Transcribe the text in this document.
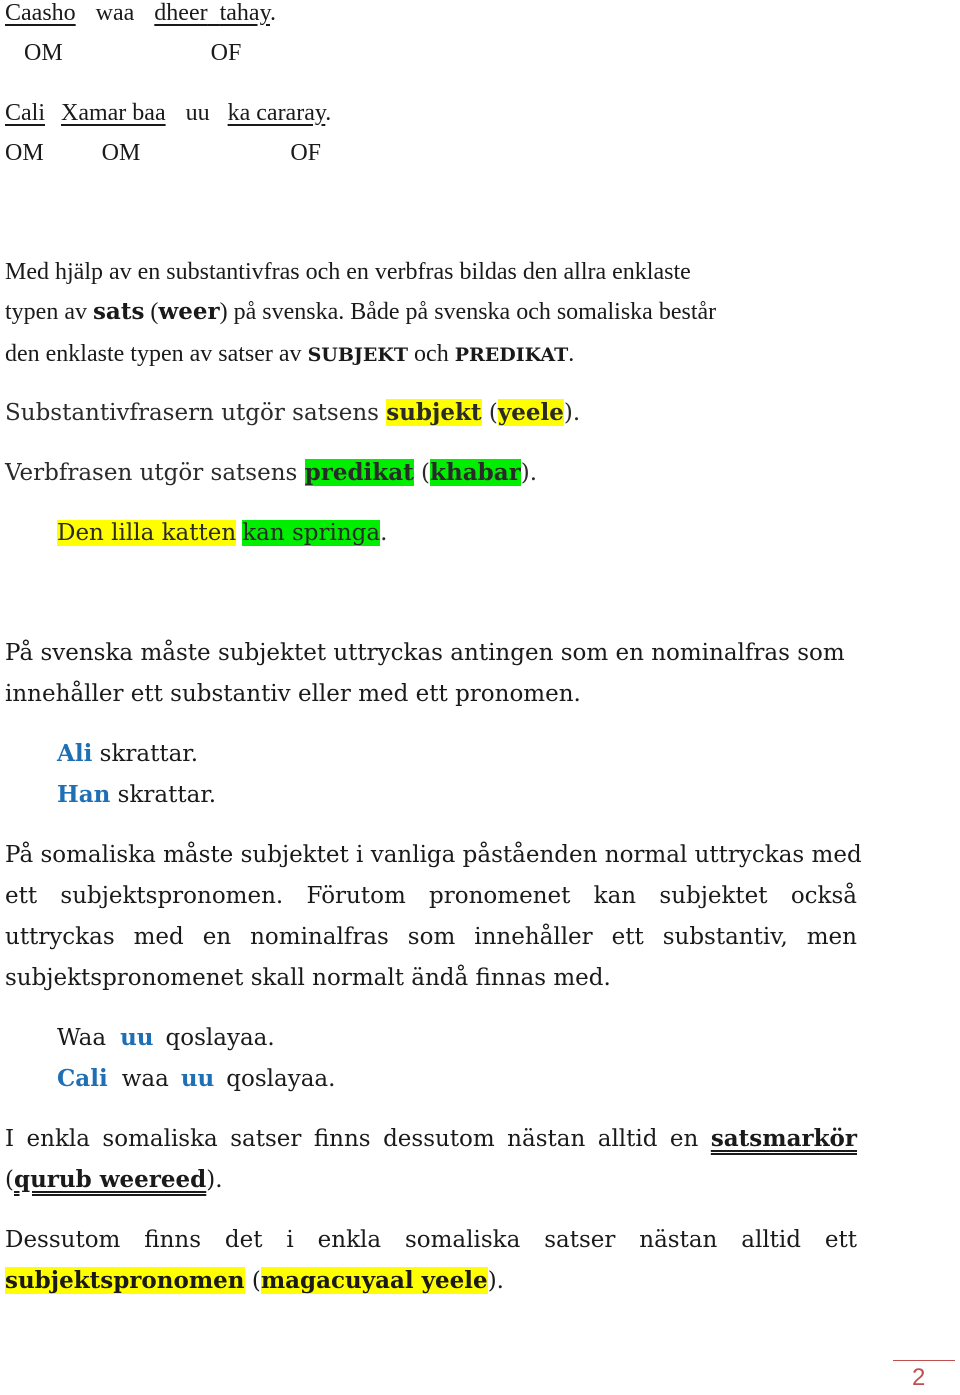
Caasho waa dheer tahay.
OM	OF
Cali Xamar baa uu ka cararay.
OM OM	OF
Med hjälp av en substantivfras och en verbfras bildas den allra enklaste
typen av sats (weer) på svenska. Både på svenska och somaliska består
den enklaste typen av satser av SUBJEKT och PREDIKAT.
Substantivfrasern utgör satsens subjekt (yeele).
Verbfrasen utgör satsens predikat (khabar).
Den lilla katten kan springa.
På svenska måste subjektet uttryckas antingen som en nominalfras som
innehåller ett substantiv eller med ett pronomen.
Ali skrattar.
Han skrattar.
På somaliska måste subjektet i vanliga påståenden normal uttryckas med
ett subjektspronomen. Förutom pronomenet kan subjektet också
uttryckas med en nominalfras som innehåller ett substantiv, men
subjektspronomenet skall normalt ändå finnas med.
Waa uu qoslayaa.
Cali waa uu qoslayaa.
I enkla somaliska satser finns dessutom nästan alltid en satsmarkör
(qurub weereed).
Dessutom finns det i enkla somaliska satser nästan alltid ett
subjektspronomen (magacuyaal yeele).
2
